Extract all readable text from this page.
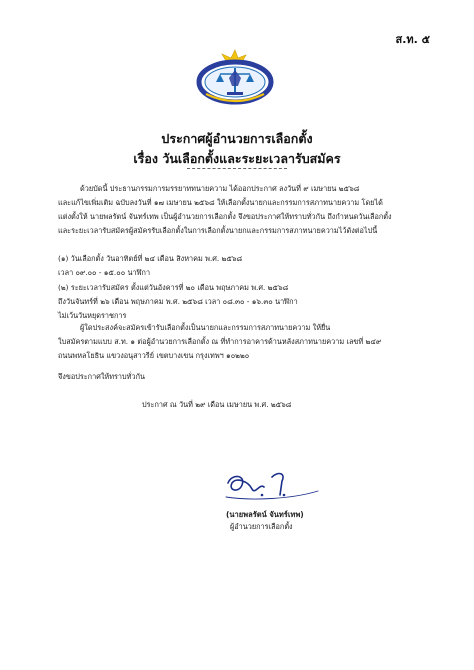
ส.ท. ๕
ประกาศผู้อำนวยการเลือกตั้ง
เรื่อง วันเลือกตั้งและระยะเวลารับสมัคร
ด้วยบัดนี้ ประธานกรรมการมรรยาททนายความ ได้ออกประกาศ ลงวันที่ ๙ เมษายน ๒๕๖๘
และแก้ไขเพิ่มเติม ฉบับลงวันที่ ๑๗ เมษายน ๒๕๖๘ ให้เลือกตั้งนายกและกรรมการสภาทนายความ โดยได้
แต่งตั้งให้ นายพลรัตน์ จันทร์เทพ เป็นผู้อำนวยการเลือกตั้ง จึงขอประกาศให้ทราบทั่วกัน ถึงกำหนดวันเลือกตั้ง
และระยะเวลารับสมัครผู้สมัครรับเลือกตั้งในการเลือกตั้งนายกและกรรมการสภาทนายความไว้ดังต่อไปนี้
(๑) วันเลือกตั้ง วันอาทิตย์ที่ ๒๔ เดือน สิงหาคม พ.ศ. ๒๕๖๘
เวลา ๐๙.๐๐ - ๑๕.๐๐ นาฬิกา
(๒) ระยะเวลารับสมัคร ตั้งแต่วันอังคารที่ ๒๐ เดือน พฤษภาคม พ.ศ. ๒๕๖๘
ถึงวันจันทร์ที่ ๒๖ เดือน พฤษภาคม พ.ศ. ๒๕๖๘ เวลา ๐๘.๓๐ - ๑๖.๓๐ นาฬิกา
ไม่เว้นวันหยุดราชการ
ผู้ใดประสงค์จะสมัครเข้ารับเลือกตั้งเป็นนายกและกรรมการสภาทนายความ ให้ยื่น
ใบสมัครตามแบบ ส.ท. ๑ ต่อผู้อำนวยการเลือกตั้ง ณ ที่ทำการอาคารด้านหลังสภาทนายความ เลขที่ ๒๔๙
ถนนพหลโยธิน แขวงอนุสาวรีย์ เขตบางเขน กรุงเทพฯ ๑๐๒๒๐
จึงขอประกาศให้ทราบทั่วกัน
ประกาศ ณ วันที่ ๒๙ เดือน เมษายน พ.ศ. ๒๕๖๘
(นายพลรัตน์ จันทร์เทพ)
ผู้อำนวยการเลือกตั้ง
